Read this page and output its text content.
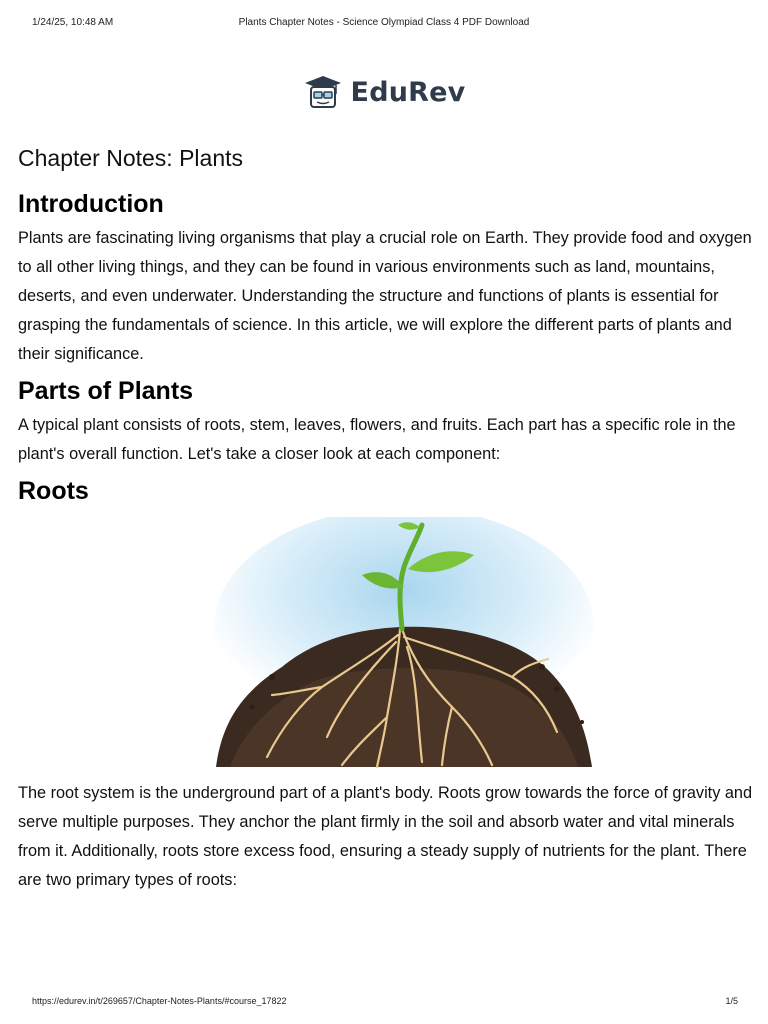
1/24/25, 10:48 AM	Plants Chapter Notes - Science Olympiad Class 4 PDF Download
EduRev
Chapter Notes: Plants
Introduction

Plants are fascinating living organisms that play a crucial role on Earth. They provide food and oxygen to all other living things, and they can be found in various environments such as land, mountains, deserts, and even underwater. Understanding the structure and functions of plants is essential for grasping the fundamentals of science. In this article, we will explore the different parts of plants and their significance.

Parts of Plants

A typical plant consists of roots, stem, leaves, flowers, and fruits. Each part has a specific role in the plant's overall function. Let's take a closer look at each component:

Roots

The root system is the underground part of a plant's body. Roots grow towards the force of gravity and serve multiple purposes. They anchor the plant firmly in the soil and absorb water and vital minerals from it. Additionally, roots store excess food, ensuring a steady supply of nutrients for the plant. There are two primary types of roots:

https://edurev.in/t/269657/Chapter-Notes-Plants/#course_17822	1/5
